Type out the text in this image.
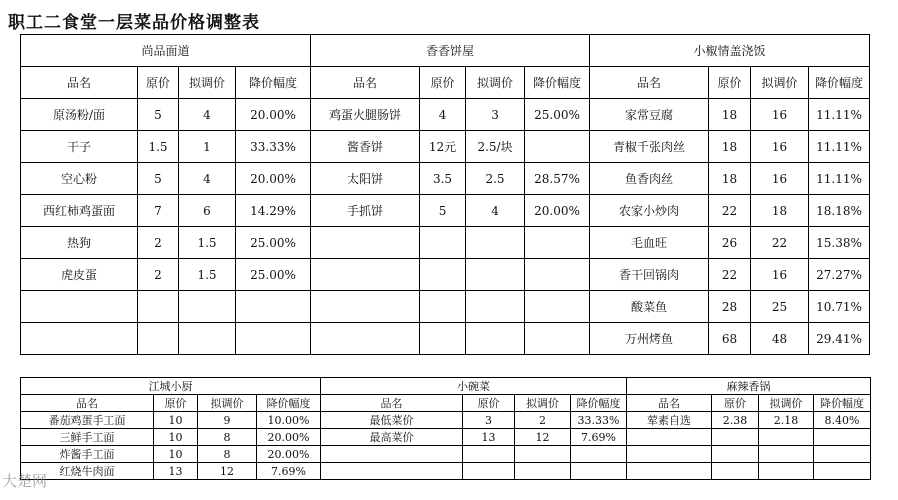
职工二食堂一层菜品价格调整表
尚品面道				香香饼屋				小椒情盖浇饭			
品名	原价	拟调价	降价幅度	品名	原价	拟调价	降价幅度	品名	原价	拟调价	降价幅度
原汤粉/面	5	4	20.00%	鸡蛋火腿肠饼	4	3	25.00%	家常豆腐	18	16	11.11%
干子	1.5	1	33.33%	酱香饼	12元	2.5/块		青椒千张肉丝	18	16	11.11%
空心粉	5	4	20.00%	太阳饼	3.5	2.5	28.57%	鱼香肉丝	18	16	11.11%
西红柿鸡蛋面	7	6	14.29%	手抓饼	5	4	20.00%	农家小炒肉	22	18	18.18%
热狗	2	1.5	25.00%					毛血旺	26	22	15.38%
虎皮蛋	2	1.5	25.00%					香干回锅肉	22	16	27.27%
								酸菜鱼	28	25	10.71%
								万州烤鱼	68	48	29.41%
江城小厨				小碗菜				麻辣香锅			
品名	原价	拟调价	降价幅度	品名	原价	拟调价	降价幅度	品名	原价	拟调价	降价幅度
番茄鸡蛋手工面	10	9	10.00%	最低菜价	3	2	33.33%	荤素自选	2.38	2.18	8.40%
三鲜手工面	10	8	20.00%	最高菜价	13	12	7.69%				
炸酱手工面	10	8	20.00%								
红烧牛肉面	13	12	7.69%								
大楚网
